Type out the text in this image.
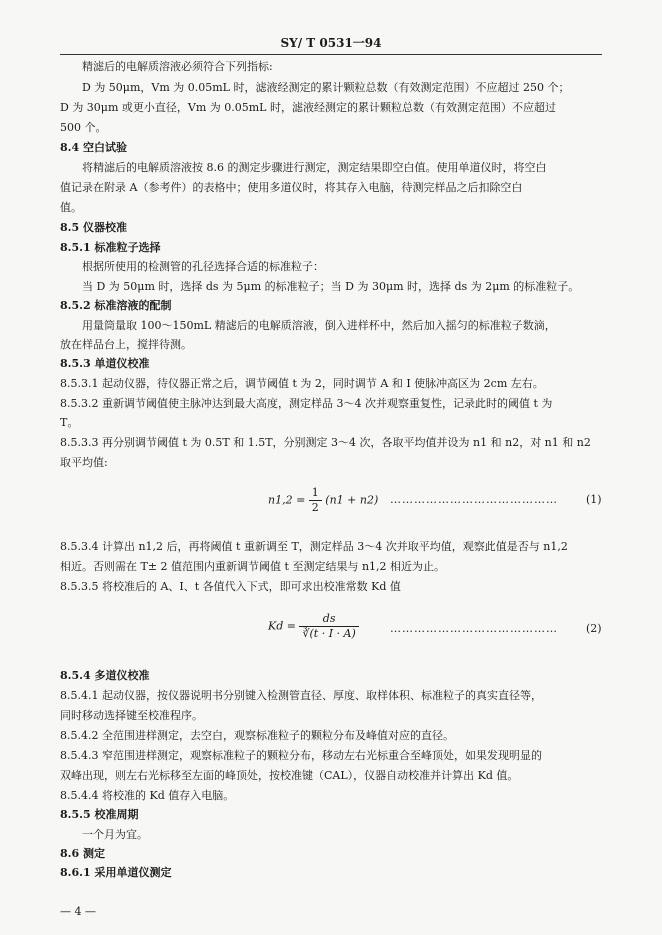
SY/ T 0531一94
精滤后的电解质溶液必须符合下列指标:
D 为 50μm，Vm 为 0.05mL 时，滤液经测定的累计颗粒总数（有效测定范围）不应超过 250 个；
D 为 30μm 或更小直径，Vm 为 0.05mL 时，滤液经测定的累计颗粒总数（有效测定范围）不应超过
500 个。
8.4 空白试验
将精滤后的电解质溶液按 8.6 的测定步骤进行测定，测定结果即空白值。使用单道仪时，将空白
值记录在附录 A（参考件）的表格中；使用多道仪时，将其存入电脑，待测完样品之后扣除空白
值。
8.5 仪器校准
8.5.1 标准粒子选择
根据所使用的检测管的孔径选择合适的标准粒子：
当 D 为 50μm 时，选择 ds 为 5μm 的标准粒子；当 D 为 30μm 时，选择 ds 为 2μm 的标准粒子。
8.5.2 标准溶液的配制
用量筒量取 100～150mL 精滤后的电解质溶液，倒入进样杯中，然后加入摇匀的标准粒子数滴，
放在样品台上，搅拌待测。
8.5.3 单道仪校准
8.5.3.1 起动仪器，待仪器正常之后，调节阈值 t 为 2，同时调节 A 和 I 使脉冲高区为 2cm 左右。
8.5.3.2 重新调节阈值使主脉冲达到最大高度，测定样品 3～4 次并观察重复性，记录此时的阈值 t 为
T。
8.5.3.3 再分别调节阈值 t 为 0.5T 和 1.5T，分别测定 3～4 次，各取平均值并设为 n1 和 n2，对 n1 和 n2
取平均值:
$n1,2 = \frac{1}{2} (n1 + n2)$ ……………………………………	(1)
8.5.3.4 计算出 n1,2 后，再将阈值 t 重新调至 T，测定样品 3～4 次并取平均值，观察此值是否与 n1,2
相近。否则需在 T± 2 值范围内重新调节阈值 t 至测定结果与 n1,2 相近为止。
8.5.3.5 将校准后的 A、I、t 各值代入下式，即可求出校准常数 Kd 值
$Kd = \frac{ds}{∛(t \cdot I \cdot A)}$	……………………………………	(2)
8.5.4 多道仪校准
8.5.4.1 起动仪器，按仪器说明书分别键入检测管直径、厚度、取样体积、标准粒子的真实直径等，
同时移动选择键至校准程序。
8.5.4.2 全范围进样测定，去空白，观察标准粒子的颗粒分布及峰值对应的直径。
8.5.4.3 窄范围进样测定，观察标准粒子的颗粒分布，移动左右光标重合至峰顶处，如果发现明显的
双峰出现，则左右光标移至左面的峰顶处，按校准键（CAL），仪器自动校准并计算出 Kd 值。
8.5.4.4 将校准的 Kd 值存入电脑。
8.5.5 校准周期
一个月为宜。
8.6 测定
8.6.1 采用单道仪测定
— 4 —
